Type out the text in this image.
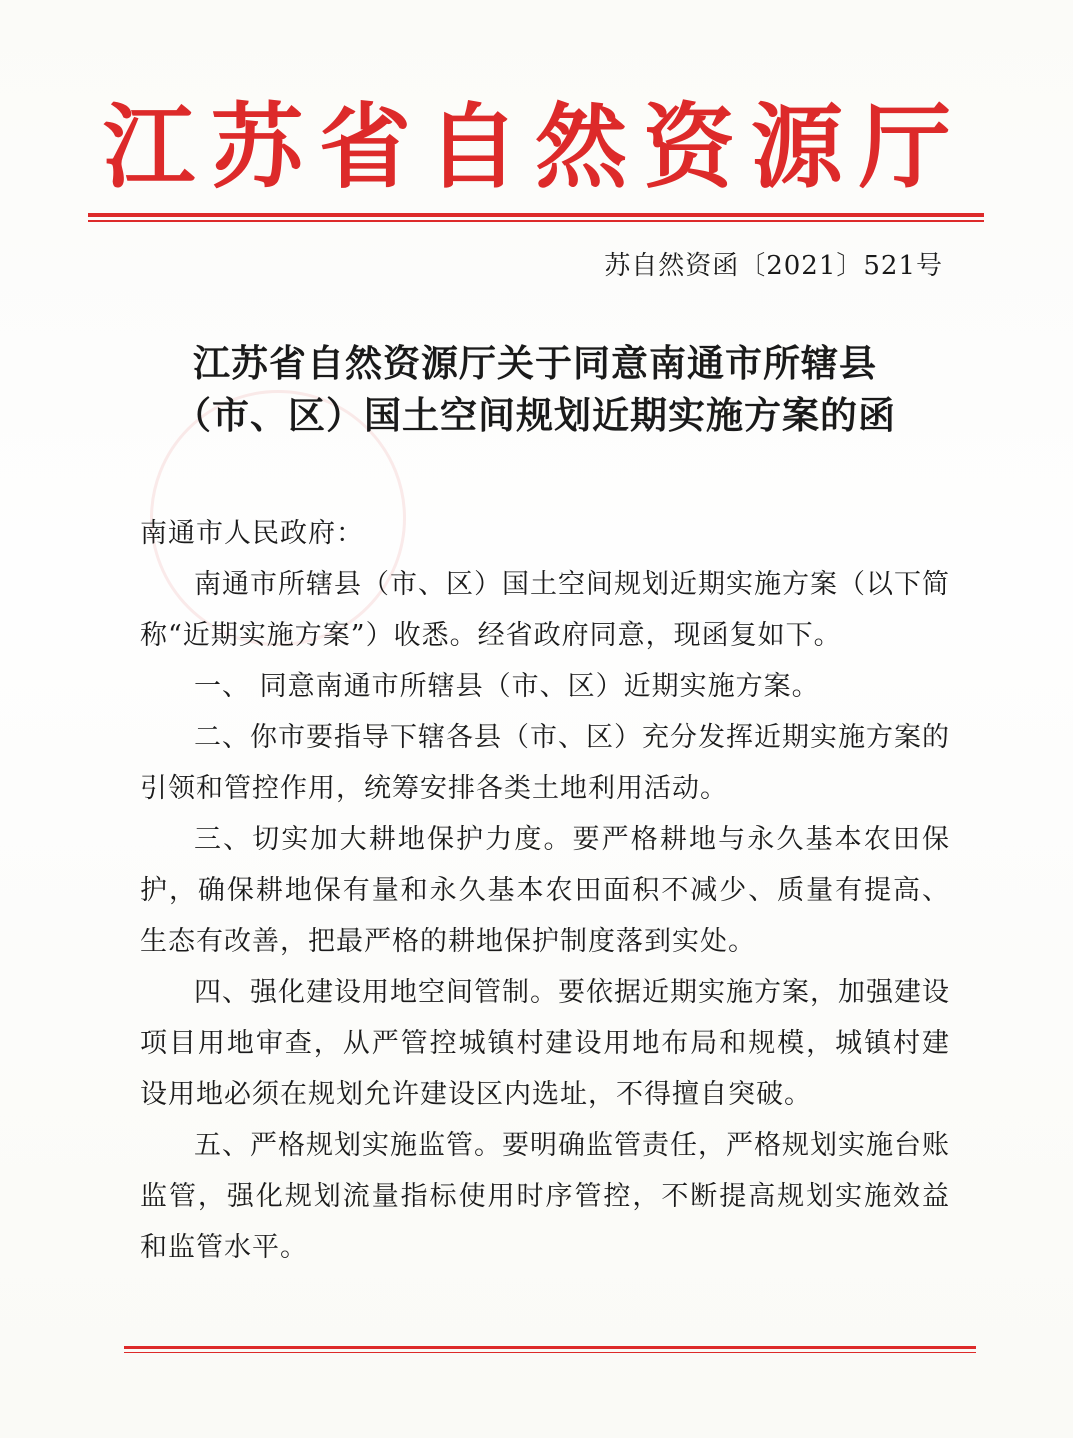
江苏省自然资源厅
苏自然资函〔2021〕521号
江苏省自然资源厅关于同意南通市所辖县
（市、区）国土空间规划近期实施方案的函

南通市人民政府：

南通市所辖县（市、区）国土空间规划近期实施方案（以下简称“近期实施方案”）收悉。经省政府同意，现函复如下。

一、 同意南通市所辖县（市、区）近期实施方案。

二、你市要指导下辖各县（市、区）充分发挥近期实施方案的引领和管控作用，统筹安排各类土地利用活动。

三、切实加大耕地保护力度。要严格耕地与永久基本农田保护，确保耕地保有量和永久基本农田面积不减少、质量有提高、生态有改善，把最严格的耕地保护制度落到实处。

四、强化建设用地空间管制。要依据近期实施方案，加强建设项目用地审查，从严管控城镇村建设用地布局和规模，城镇村建设用地必须在规划允许建设区内选址，不得擅自突破。

五、严格规划实施监管。要明确监管责任，严格规划实施台账监管，强化规划流量指标使用时序管控，不断提高规划实施效益和监管水平。
